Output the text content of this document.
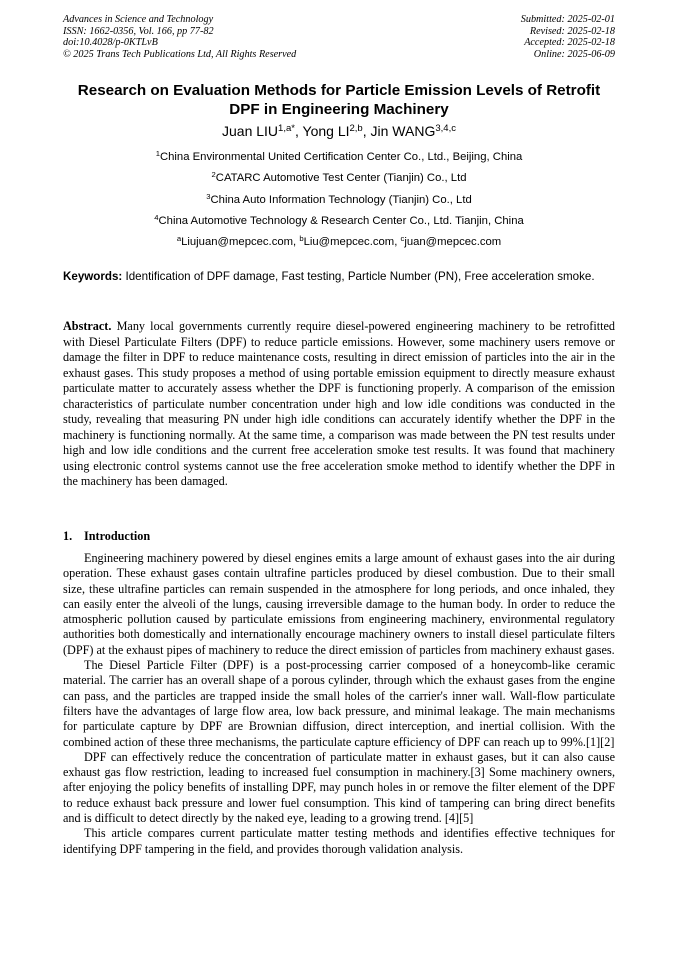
Advances in Science and Technology
ISSN: 1662-0356, Vol. 166, pp 77-82
doi:10.4028/p-0KTLvB
© 2025 Trans Tech Publications Ltd, All Rights Reserved
Submitted: 2025-02-01
Revised: 2025-02-18
Accepted: 2025-02-18
Online: 2025-06-09
Research on Evaluation Methods for Particle Emission Levels of Retrofit DPF in Engineering Machinery
Juan $LIU^{1,a*}$, Yong LI$^{2,b}$, Jin WANG$^{3,4,c}$
$^1$China Environmental United Certification Center Co., Ltd., Beijing, China
$^2$CATARC Automotive Test Center (Tianjin) Co., Ltd
$^3$China Auto Information Technology (Tianjin) Co., Ltd
$^4$China Automotive Technology & Research Center Co., Ltd. Tianjin, China
$^a$Liujuan@mepcec.com, $^b$Liu@mepcec.com, $^c$juan@mepcec.com
Keywords: Identification of DPF damage, Fast testing, Particle Number (PN), Free acceleration smoke.
Abstract. Many local governments currently require diesel-powered engineering machinery to be retrofitted with Diesel Particulate Filters (DPF) to reduce particle emissions. However, some machinery users remove or damage the filter in DPF to reduce maintenance costs, resulting in direct emission of particles into the air in the exhaust gases. This study proposes a method of using portable emission equipment to directly measure exhaust particulate matter to accurately assess whether the DPF is functioning properly. A comparison of the emission characteristics of particulate number concentration under high and low idle conditions was conducted in the study, revealing that measuring PN under high idle conditions can accurately identify whether the DPF in the machinery is functioning normally. At the same time, a comparison was made between the PN test results under high and low idle conditions and the current free acceleration smoke test results. It was found that machinery using electronic control systems cannot use the free acceleration smoke method to identify whether the DPF in the machinery has been damaged.
1. Introduction

Engineering machinery powered by diesel engines emits a large amount of exhaust gases into the air during operation. These exhaust gases contain ultrafine particles produced by diesel combustion. Due to their small size, these ultrafine particles can remain suspended in the atmosphere for long periods, and once inhaled, they can easily enter the alveoli of the lungs, causing irreversible damage to the human body. In order to reduce the atmospheric pollution caused by particulate emissions from engineering machinery, environmental regulatory authorities both domestically and internationally encourage machinery owners to install diesel particulate filters (DPF) at the exhaust pipes of machinery to reduce the direct emission of particles from machinery exhaust gases.

The Diesel Particle Filter (DPF) is a post-processing carrier composed of a honeycomb-like ceramic material. The carrier has an overall shape of a porous cylinder, through which the exhaust gases from the engine can pass, and the particles are trapped inside the small holes of the carrier's inner wall. Wall-flow particulate filters have the advantages of large flow area, low back pressure, and minimal leakage. The main mechanisms for particulate capture by DPF are Brownian diffusion, direct interception, and inertial collision. With the combined action of these three mechanisms, the particulate capture efficiency of DPF can reach up to 99%.[1][2]

DPF can effectively reduce the concentration of particulate matter in exhaust gases, but it can also cause exhaust gas flow restriction, leading to increased fuel consumption in machinery.[3] Some machinery owners, after enjoying the policy benefits of installing DPF, may punch holes in or remove the filter element of the DPF to reduce exhaust back pressure and lower fuel consumption. This kind of tampering can bring direct benefits and is difficult to detect directly by the naked eye, leading to a growing trend. [4][5]

This article compares current particulate matter testing methods and identifies effective techniques for identifying DPF tampering in the field, and provides thorough validation analysis.
